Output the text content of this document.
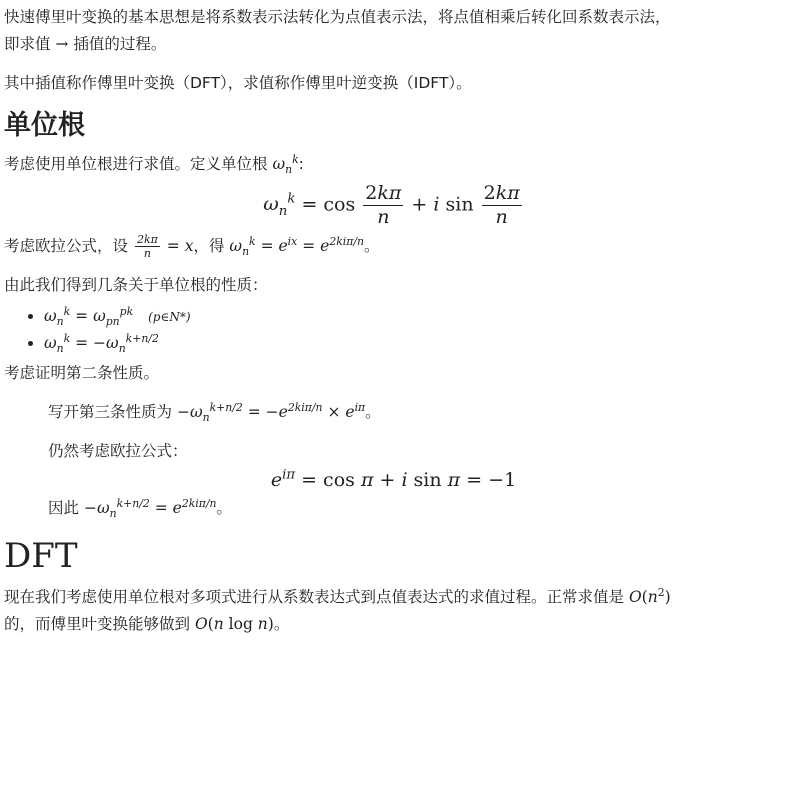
快速傅里叶变换的基本思想是将系数表示法转化为点值表示法，将点值相乘后转化回系数表示法，
即求值 → 插值的过程。

其中插值称作傅里叶变换（DFT），求值称作傅里叶逆变换（IDFT）。

单位根

考虑使用单位根进行求值。定义单位根 $\omega_n^k$:

$\omega_n^k = \cos \frac{2k\pi}{n} + i$ $\sin \frac{2k\pi}{n}$

考虑欧拉公式，设 $\frac{2k\pi}{n} = x$，得 $\omega_n^k = e^{ix} = e^{2ki\pi/n}$。

由此我们得到几条关于单位根的性质：

• $\omega_n^k = \omega_{pn}^{pk}$ (p∈N*)
• $\omega_n^k = -\omega_n^{k+n/2}$

考虑证明第二条性质。

写开第三条性质为 $-\omega_n^{k+n/2} = -e^{2ki\pi/n} \times e^{i\pi}$。

仍然考虑欧拉公式：

$e^{i\pi} = \cos \pi + i$ sin π = −1

因此 $-\omega_n^{k+n/2} = e^{2ki\pi/n}$。

DFT

现在我们考虑使用单位根对多项式进行从系数表达式到点值表达式的求值过程。正常求值是 $O(n^2)$
的，而傅里叶变换能够做到 O(n log n)。
